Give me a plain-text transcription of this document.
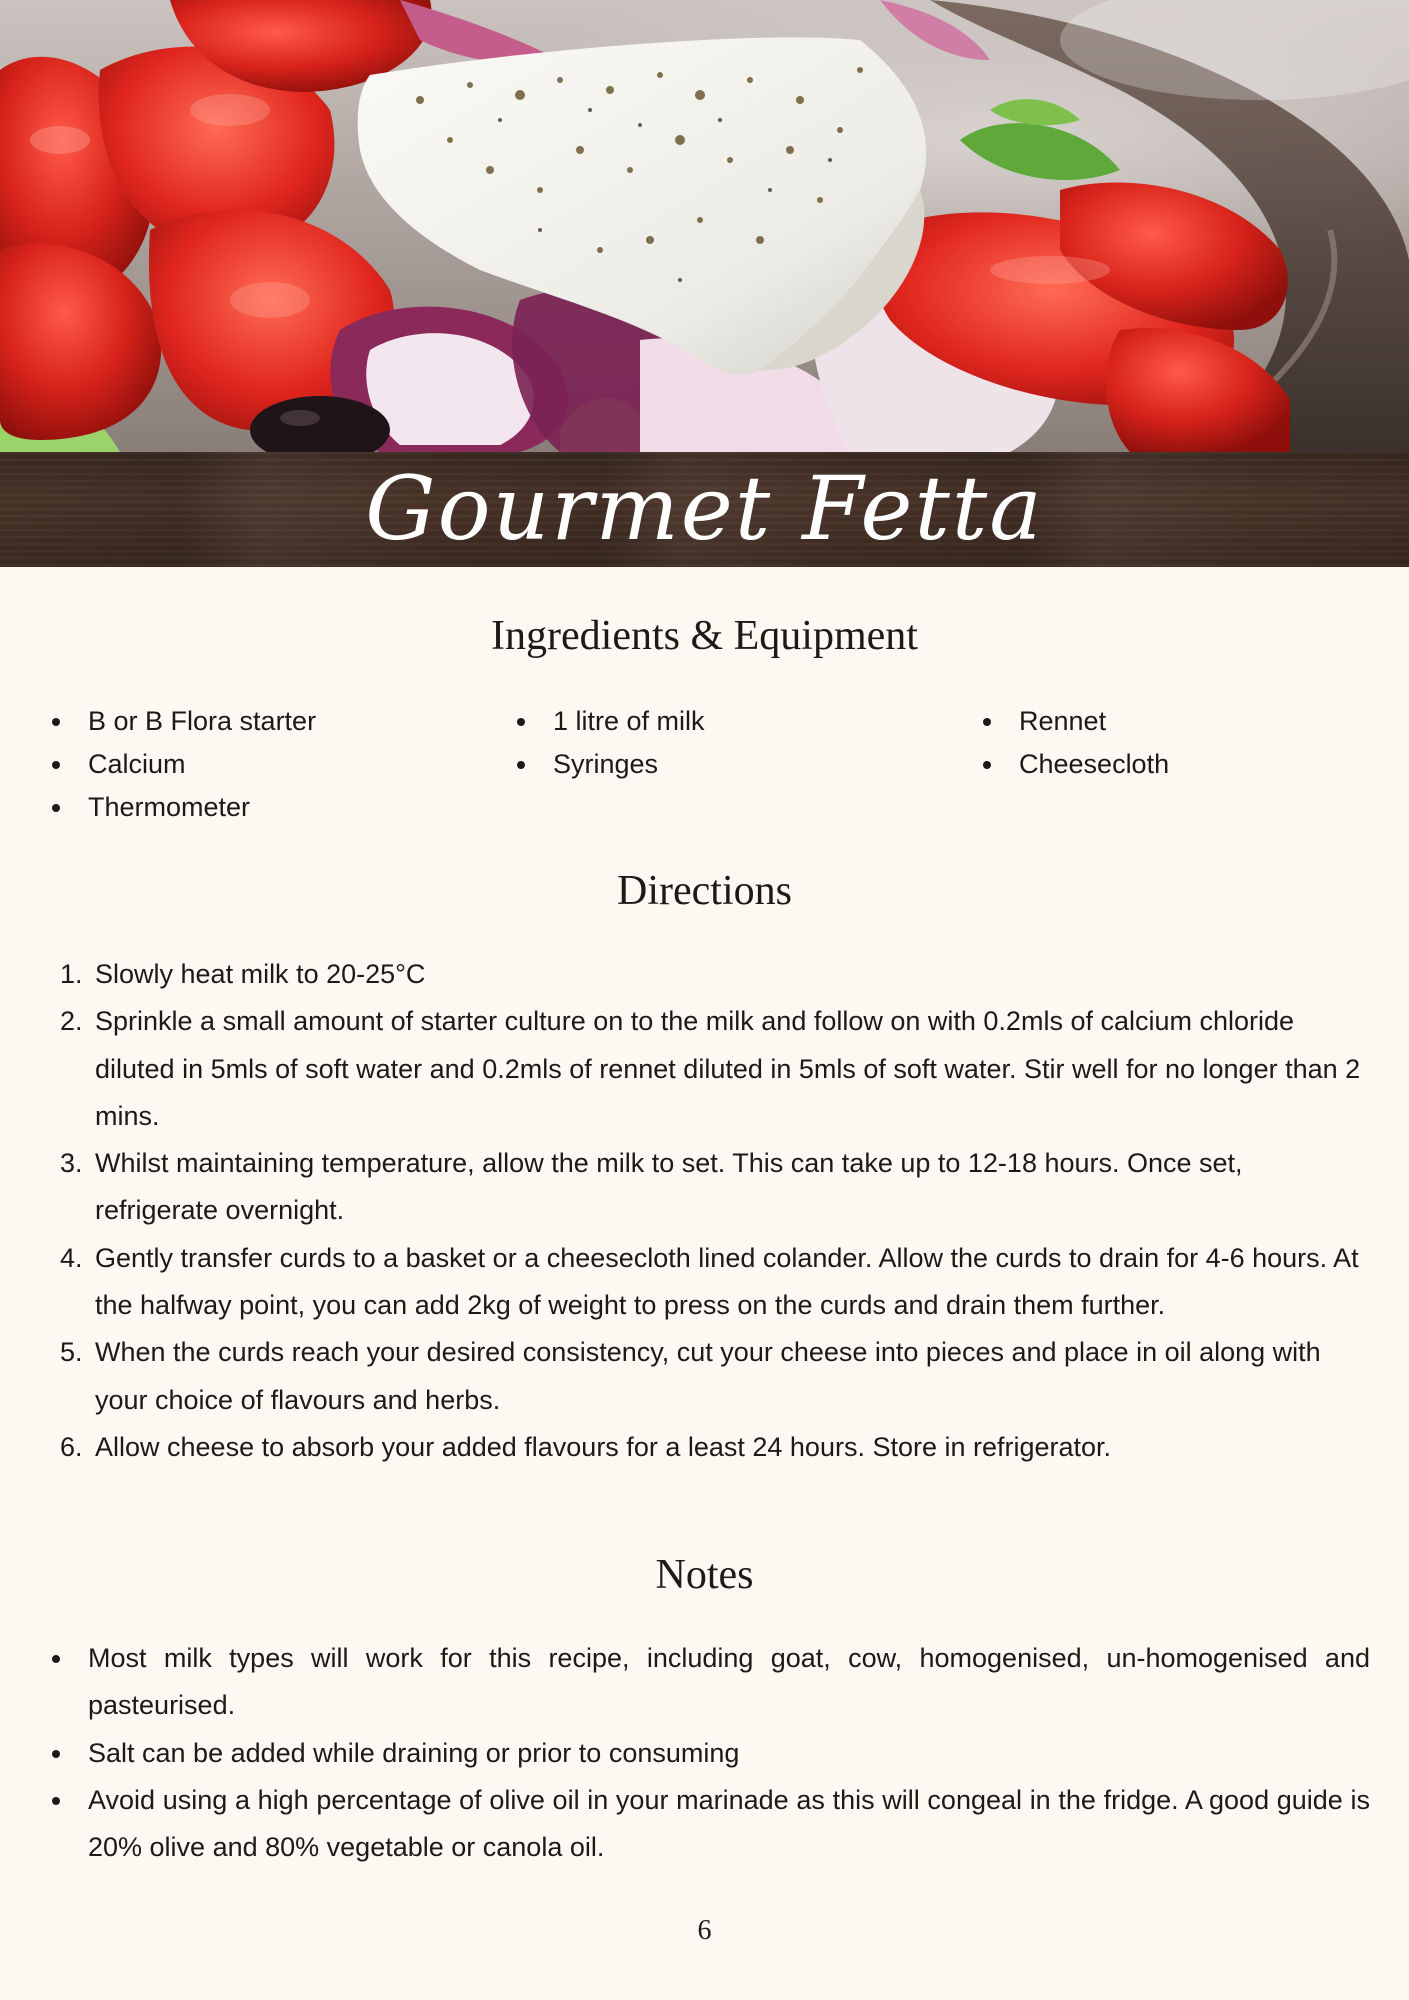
Gourmet Fetta
Ingredients & Equipment
B or B Flora starter
Calcium
Thermometer
1 litre of milk
Syringes
Rennet
Cheesecloth
Directions
1. Slowly heat milk to 20-25°C
2. Sprinkle a small amount of starter culture on to the milk and follow on with 0.2mls of calcium chloride diluted in 5mls of soft water and 0.2mls of rennet diluted in 5mls of soft water. Stir well for no longer than 2 mins.
3. Whilst maintaining temperature, allow the milk to set. This can take up to 12-18 hours. Once set, refrigerate overnight.
4. Gently transfer curds to a basket or a cheesecloth lined colander. Allow the curds to drain for 4-6 hours. At the halfway point, you can add 2kg of weight to press on the curds and drain them further.
5. When the curds reach your desired consistency, cut your cheese into pieces and place in oil along with your choice of flavours and herbs.
6. Allow cheese to absorb your added flavours for a least 24 hours. Store in refrigerator.
Notes
Most milk types will work for this recipe, including goat, cow, homogenised, un-homogenised and pasteurised.
Salt can be added while draining or prior to consuming
Avoid using a high percentage of olive oil in your marinade as this will congeal in the fridge. A good guide is 20% olive and 80% vegetable or canola oil.
6
